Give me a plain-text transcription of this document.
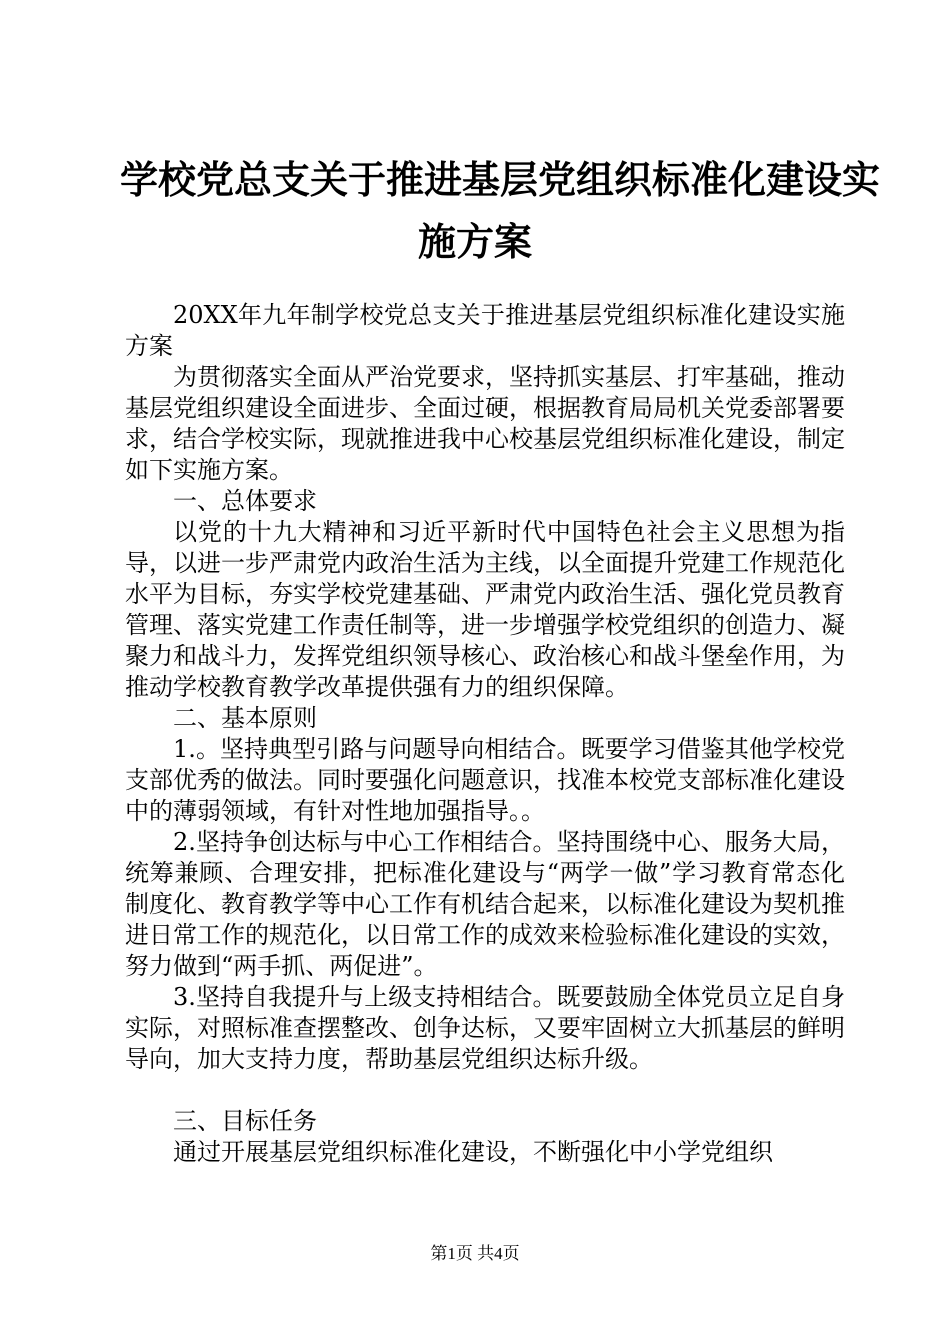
学校党总支关于推进基层党组织标准化建设实
施方案

20XX年九年制学校党总支关于推进基层党组织标准化建设实施方案

为贯彻落实全面从严治党要求，坚持抓实基层、打牢基础，推动基层党组织建设全面进步、全面过硬，根据教育局局机关党委部署要求，结合学校实际，现就推进我中心校基层党组织标准化建设，制定如下实施方案。

一、总体要求

以党的十九大精神和习近平新时代中国特色社会主义思想为指导，以进一步严肃党内政治生活为主线，以全面提升党建工作规范化水平为目标，夯实学校党建基础、严肃党内政治生活、强化党员教育管理、落实党建工作责任制等，进一步增强学校党组织的创造力、凝聚力和战斗力，发挥党组织领导核心、政治核心和战斗堡垒作用，为推动学校教育教学改革提供强有力的组织保障。

二、基本原则

1.。坚持典型引路与问题导向相结合。既要学习借鉴其他学校党支部优秀的做法。同时要强化问题意识，找准本校党支部标准化建设中的薄弱领域，有针对性地加强指导。。

2.坚持争创达标与中心工作相结合。坚持围绕中心、服务大局，统筹兼顾、合理安排，把标准化建设与“两学一做”学习教育常态化制度化、教育教学等中心工作有机结合起来，以标准化建设为契机推进日常工作的规范化，以日常工作的成效来检验标准化建设的实效，努力做到“两手抓、两促进”。

3.坚持自我提升与上级支持相结合。既要鼓励全体党员立足自身实际，对照标准查摆整改、创争达标，又要牢固树立大抓基层的鲜明导向，加大支持力度，帮助基层党组织达标升级。

三、目标任务

通过开展基层党组织标准化建设，不断强化中小学党组织

第1页 共4页
